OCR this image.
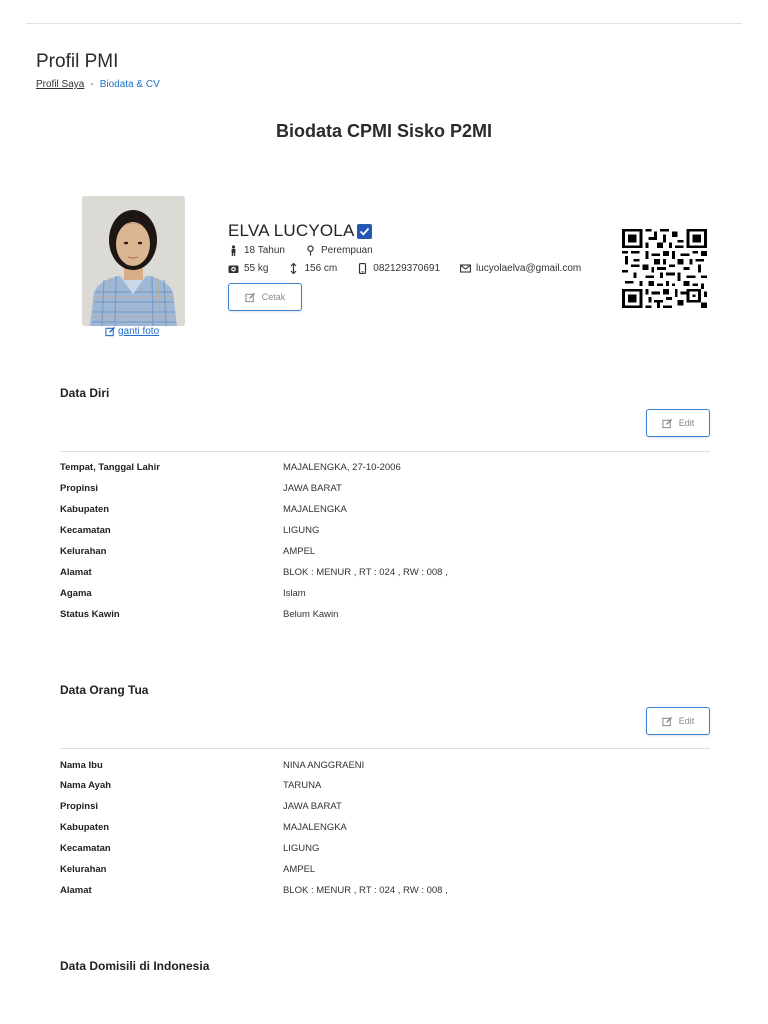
Profil PMI
Profil Saya - Biodata & CV
Biodata CPMI Sisko P2MI
ganti foto
ELVA LUCYOLA
18 Tahun	Perempuan
55 kg	156 cm	082129370691	lucyolaelva@gmail.com
Cetak
Data Diri
Edit
Tempat, Tanggal Lahir	MAJALENGKA, 27-10-2006
Propinsi	JAWA BARAT
Kabupaten	MAJALENGKA
Kecamatan	LIGUNG
Kelurahan	AMPEL
Alamat	BLOK : MENUR , RT : 024 , RW : 008 ,
Agama	Islam
Status Kawin	Belum Kawin
Data Orang Tua
Edit
Nama Ibu	NINA ANGGRAENI
Nama Ayah	TARUNA
Propinsi	JAWA BARAT
Kabupaten	MAJALENGKA
Kecamatan	LIGUNG
Kelurahan	AMPEL
Alamat	BLOK : MENUR , RT : 024 , RW : 008 ,
Data Domisili di Indonesia
